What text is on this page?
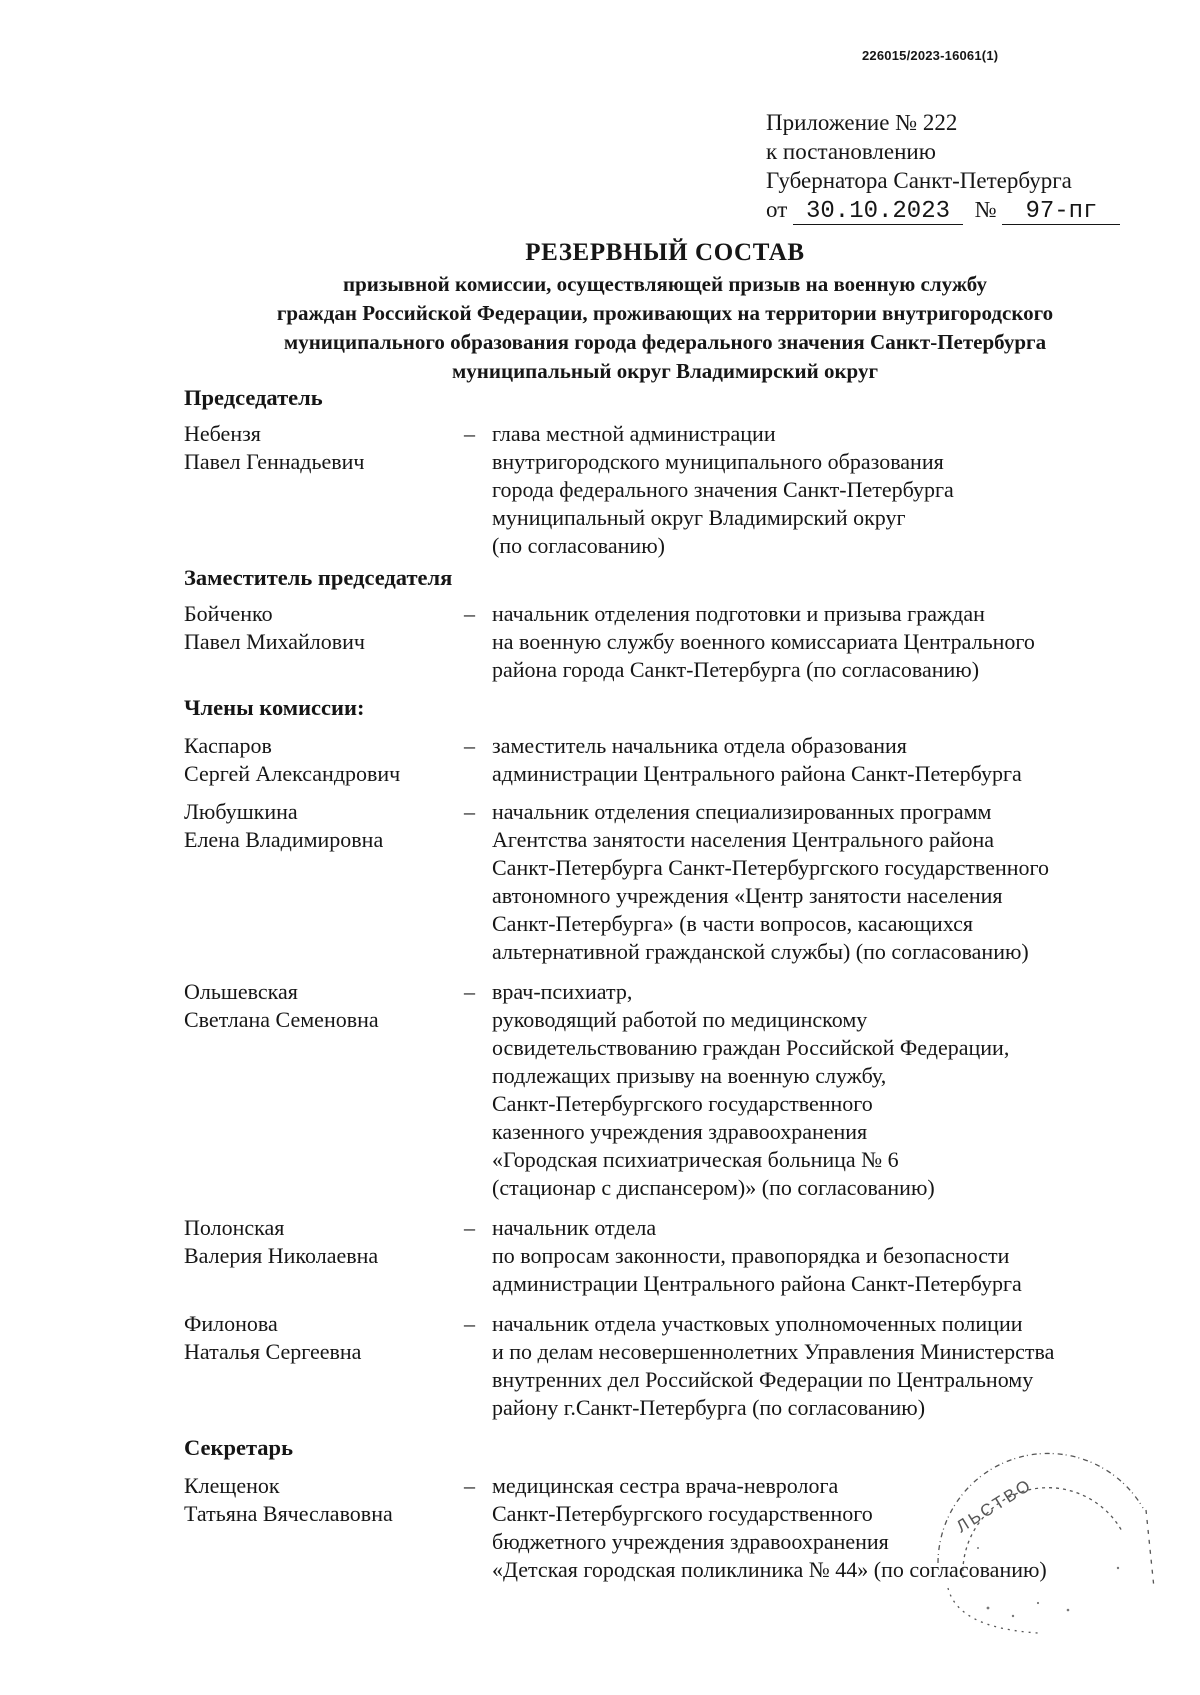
226015/2023-16061(1)
Приложение № 222
к постановлению
Губернатора Санкт-Петербурга
от 30.10.2023 № 97-пг
РЕЗЕРВНЫЙ СОСТАВ
призывной комиссии, осуществляющей призыв на военную службу
граждан Российской Федерации, проживающих на территории внутригородского
муниципального образования города федерального значения Санкт-Петербурга
муниципальный округ Владимирский округ
Председатель
Небензя
Павел Геннадьевич
– глава местной администрации
внутригородского муниципального образования
города федерального значения Санкт-Петербурга
муниципальный округ Владимирский округ
(по согласованию)
Заместитель председателя
Бойченко
Павел Михайлович
– начальник отделения подготовки и призыва граждан
на военную службу военного комиссариата Центрального
района города Санкт-Петербурга (по согласованию)
Члены комиссии:
Каспаров
Сергей Александрович
– заместитель начальника отдела образования
администрации Центрального района Санкт-Петербурга
Любушкина
Елена Владимировна
– начальник отделения специализированных программ
Агентства занятости населения Центрального района
Санкт-Петербурга Санкт-Петербургского государственного
автономного учреждения «Центр занятости населения
Санкт-Петербурга» (в части вопросов, касающихся
альтернативной гражданской службы) (по согласованию)
Ольшевская
Светлана Семеновна
– врач-психиатр,
руководящий работой по медицинскому
освидетельствованию граждан Российской Федерации,
подлежащих призыву на военную службу,
Санкт-Петербургского государственного
казенного учреждения здравоохранения
«Городская психиатрическая больница № 6
(стационар с диспансером)» (по согласованию)
Полонская
Валерия Николаевна
– начальник отдела
по вопросам законности, правопорядка и безопасности
администрации Центрального района Санкт-Петербурга
Филонова
Наталья Сергеевна
– начальник отдела участковых уполномоченных полиции
и по делам несовершеннолетних Управления Министерства
внутренних дел Российской Федерации по Центральному
району г.Санкт-Петербурга (по согласованию)
Секретарь
Клещенок
Татьяна Вячеславовна
– медицинская сестра врача-невролога
Санкт-Петербургского государственного
бюджетного учреждения здравоохранения
«Детская городская поликлиника № 44» (по согласованию)
ЛЬСТВО
